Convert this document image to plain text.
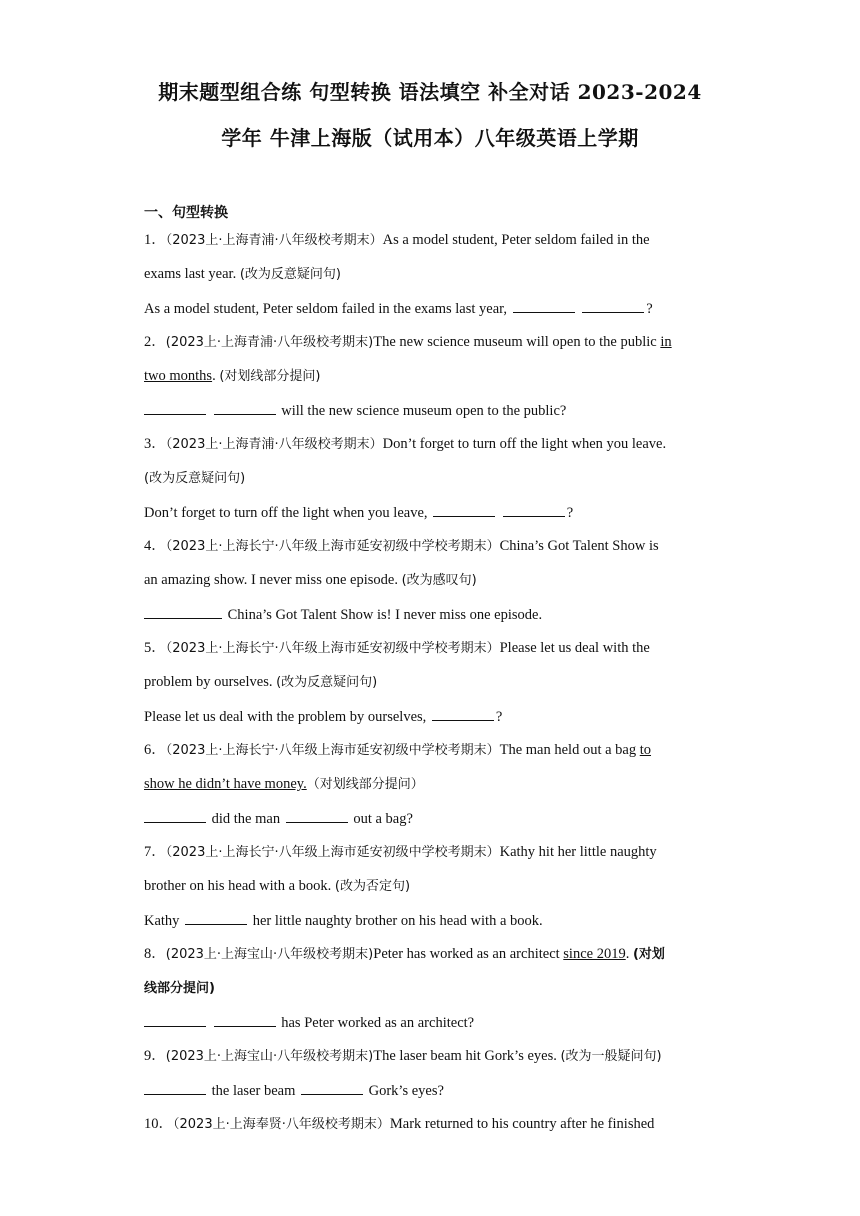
期末题型组合练 句型转换 语法填空 补全对话 2023-2024
学年 牛津上海版（试用本）八年级英语上学期
一、句型转换
1．（2023上·上海青浦·八年级校考期末）As a model student, Peter seldom failed in the
exams last year. (改为反意疑问句)
As a model student, Peter seldom failed in the exams last year,	?
2．(2023上·上海青浦·八年级校考期末)The new science museum will open to the public in
two months. (对划线部分提问)
will the new science museum open to the public?
3．（2023上·上海青浦·八年级校考期末）Don’t forget to turn off the light when you leave.
(改为反意疑问句)
Don’t forget to turn off the light when you leave,	?
4．（2023上·上海长宁·八年级上海市延安初级中学校考期末）China’s Got Talent Show is
an amazing show. I never miss one episode. (改为感叹句)
China’s Got Talent Show is! I never miss one episode.
5．（2023上·上海长宁·八年级上海市延安初级中学校考期末）Please let us deal with the
problem by ourselves. (改为反意疑问句)
Please let us deal with the problem by ourselves,	?
6．（2023上·上海长宁·八年级上海市延安初级中学校考期末）The man held out a bag to
show he didn’t have money.（对划线部分提问）
did the man	out a bag?
7．（2023上·上海长宁·八年级上海市延安初级中学校考期末）Kathy hit her little naughty
brother on his head with a book. (改为否定句)
Kathy	her little naughty brother on his head with a book.
8．(2023上·上海宝山·八年级校考期末)Peter has worked as an architect since 2019. (对划
线部分提问)
has Peter worked as an architect?
9．(2023上·上海宝山·八年级校考期末)The laser beam hit Gork’s eyes. (改为一般疑问句)
the laser beam	Gork’s eyes?
10．（2023上·上海奉贤·八年级校考期末）Mark returned to his country after he finished
